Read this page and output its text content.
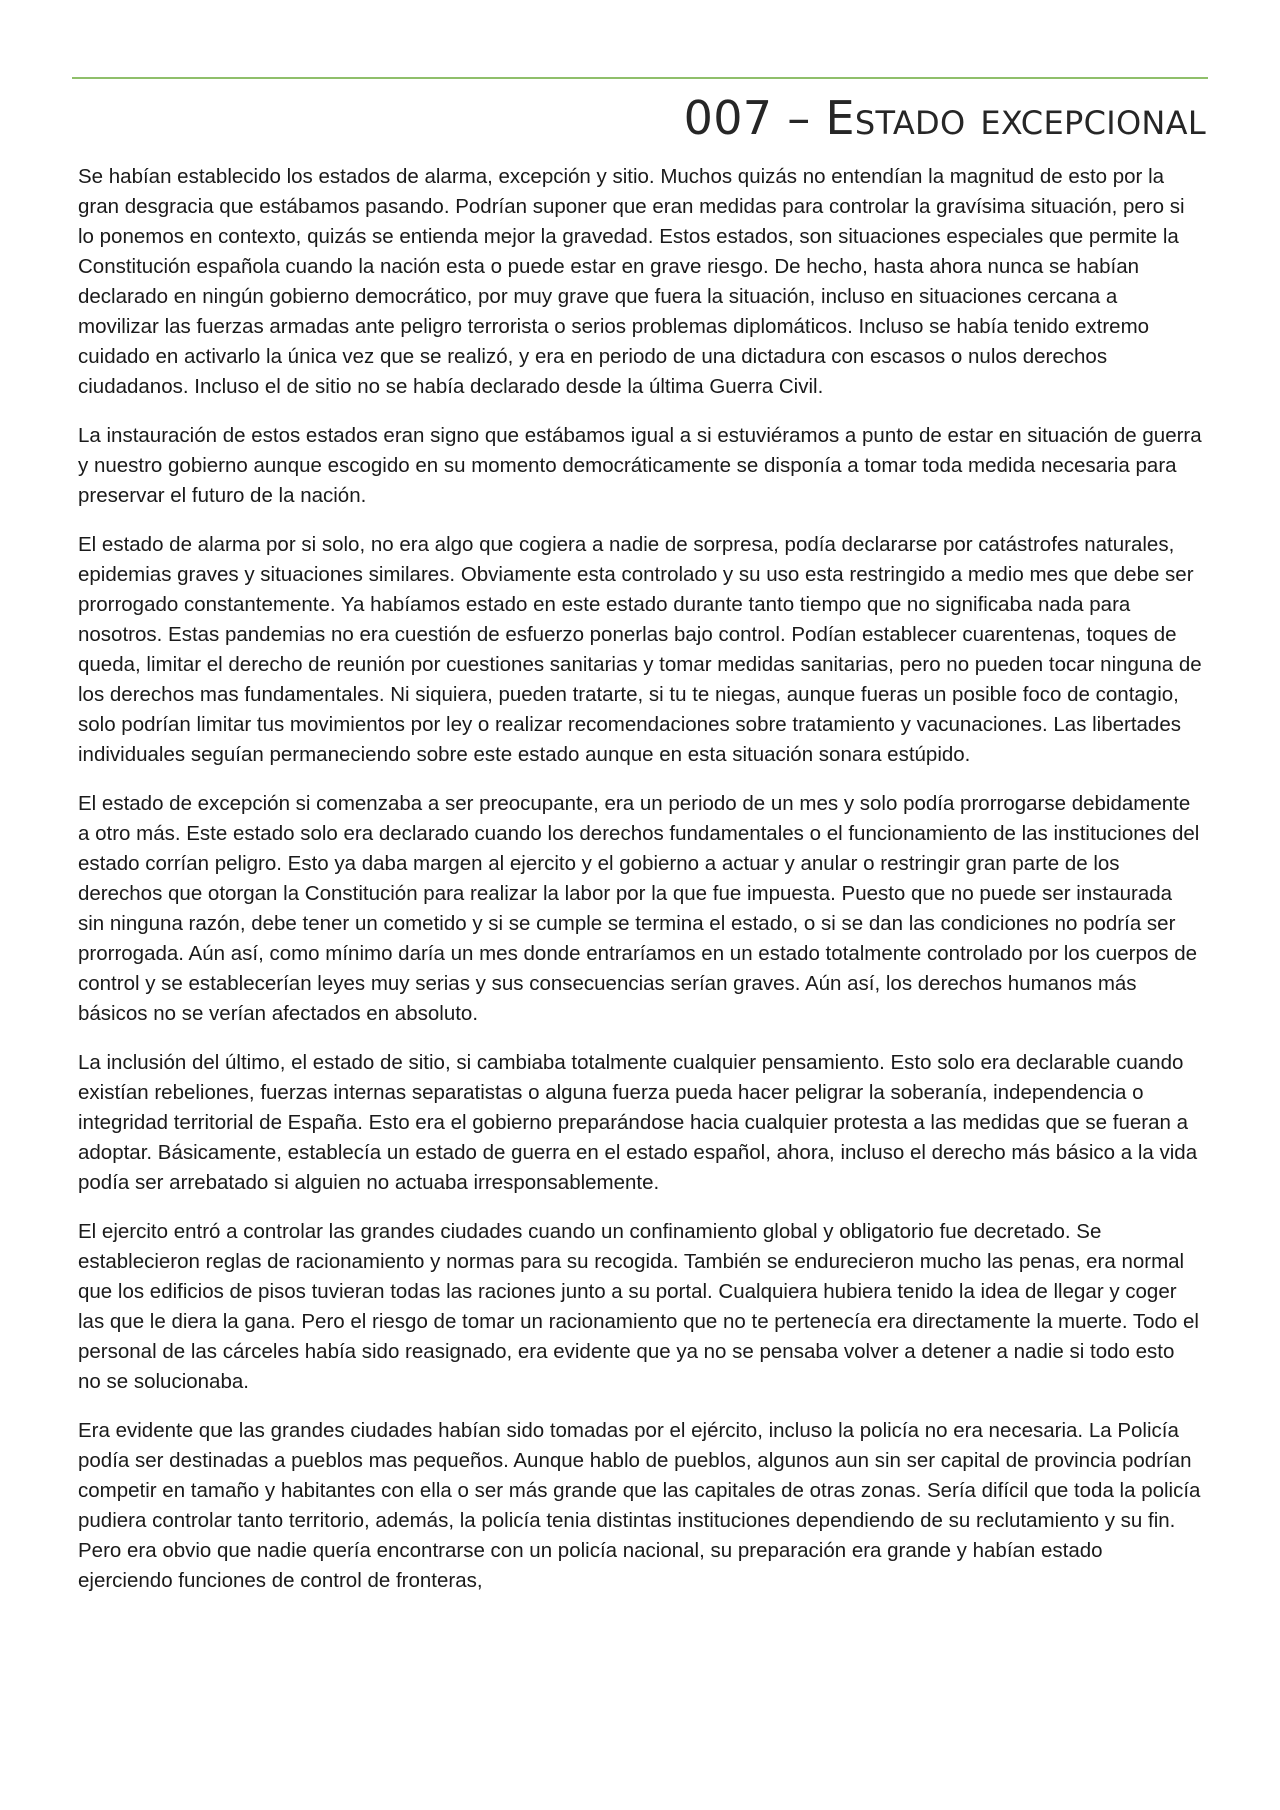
007 – Estado excepcional

Se habían establecido los estados de alarma, excepción y sitio. Muchos quizás no entendían la magnitud de esto por la gran desgracia que estábamos pasando. Podrían suponer que eran medidas para controlar la gravísima situación, pero si lo ponemos en contexto, quizás se entienda mejor la gravedad. Estos estados, son situaciones especiales que permite la Constitución española cuando la nación esta o puede estar en grave riesgo. De hecho, hasta ahora nunca se habían declarado en ningún gobierno democrático, por muy grave que fuera la situación, incluso en situaciones cercana a movilizar las fuerzas armadas ante peligro terrorista o serios problemas diplomáticos. Incluso se había tenido extremo cuidado en activarlo la única vez que se realizó, y era en periodo de una dictadura con escasos o nulos derechos ciudadanos. Incluso el de sitio no se había declarado desde la última Guerra Civil.

La instauración de estos estados eran signo que estábamos igual a si estuviéramos a punto de estar en situación de guerra y nuestro gobierno aunque escogido en su momento democráticamente se disponía a tomar toda medida necesaria para preservar el futuro de la nación.

El estado de alarma por si solo, no era algo que cogiera a nadie de sorpresa, podía declararse por catástrofes naturales, epidemias graves y situaciones similares. Obviamente esta controlado y su uso esta restringido a medio mes que debe ser prorrogado constantemente. Ya habíamos estado en este estado durante tanto tiempo que no significaba nada para nosotros. Estas pandemias no era cuestión de esfuerzo ponerlas bajo control. Podían establecer cuarentenas, toques de queda, limitar el derecho de reunión por cuestiones sanitarias y tomar medidas sanitarias, pero no pueden tocar ninguna de los derechos mas fundamentales. Ni siquiera, pueden tratarte, si tu te niegas, aunque fueras un posible foco de contagio, solo podrían limitar tus movimientos por ley o realizar recomendaciones sobre tratamiento y vacunaciones. Las libertades individuales seguían permaneciendo sobre este estado aunque en esta situación sonara estúpido.

El estado de excepción si comenzaba a ser preocupante, era un periodo de un mes y solo podía prorrogarse debidamente a otro más. Este estado solo era declarado cuando los derechos fundamentales o el funcionamiento de las instituciones del estado corrían peligro. Esto ya daba margen al ejercito y el gobierno a actuar y anular o restringir gran parte de los derechos que otorgan la Constitución para realizar la labor por la que fue impuesta. Puesto que no puede ser instaurada sin ninguna razón, debe tener un cometido y si se cumple se termina el estado, o si se dan las condiciones no podría ser prorrogada. Aún así, como mínimo daría un mes donde entraríamos en un estado totalmente controlado por los cuerpos de control y se establecerían leyes muy serias y sus consecuencias serían graves. Aún así, los derechos humanos más básicos no se verían afectados en absoluto.

La inclusión del último, el estado de sitio, si cambiaba totalmente cualquier pensamiento. Esto solo era declarable cuando existían rebeliones, fuerzas internas separatistas o alguna fuerza pueda hacer peligrar la soberanía, independencia o integridad territorial de España. Esto era el gobierno preparándose hacia cualquier protesta a las medidas que se fueran a adoptar. Básicamente, establecía un estado de guerra en el estado español, ahora, incluso el derecho más básico a la vida podía ser arrebatado si alguien no actuaba irresponsablemente.

El ejercito entró a controlar las grandes ciudades cuando un confinamiento global y obligatorio fue decretado. Se establecieron reglas de racionamiento y normas para su recogida. También se endurecieron mucho las penas, era normal que los edificios de pisos tuvieran todas las raciones junto a su portal. Cualquiera hubiera tenido la idea de llegar y coger las que le diera la gana. Pero el riesgo de tomar un racionamiento que no te pertenecía era directamente la muerte. Todo el personal de las cárceles había sido reasignado, era evidente que ya no se pensaba volver a detener a nadie si todo esto no se solucionaba.

Era evidente que las grandes ciudades habían sido tomadas por el ejército, incluso la policía no era necesaria. La Policía podía ser destinadas a pueblos mas pequeños. Aunque hablo de pueblos, algunos aun sin ser capital de provincia podrían competir en tamaño y habitantes con ella o ser más grande que las capitales de otras zonas. Sería difícil que toda la policía pudiera controlar tanto territorio, además, la policía tenia distintas instituciones dependiendo de su reclutamiento y su fin. Pero era obvio que nadie quería encontrarse con un policía nacional, su preparación era grande y habían estado ejerciendo funciones de control de fronteras,
